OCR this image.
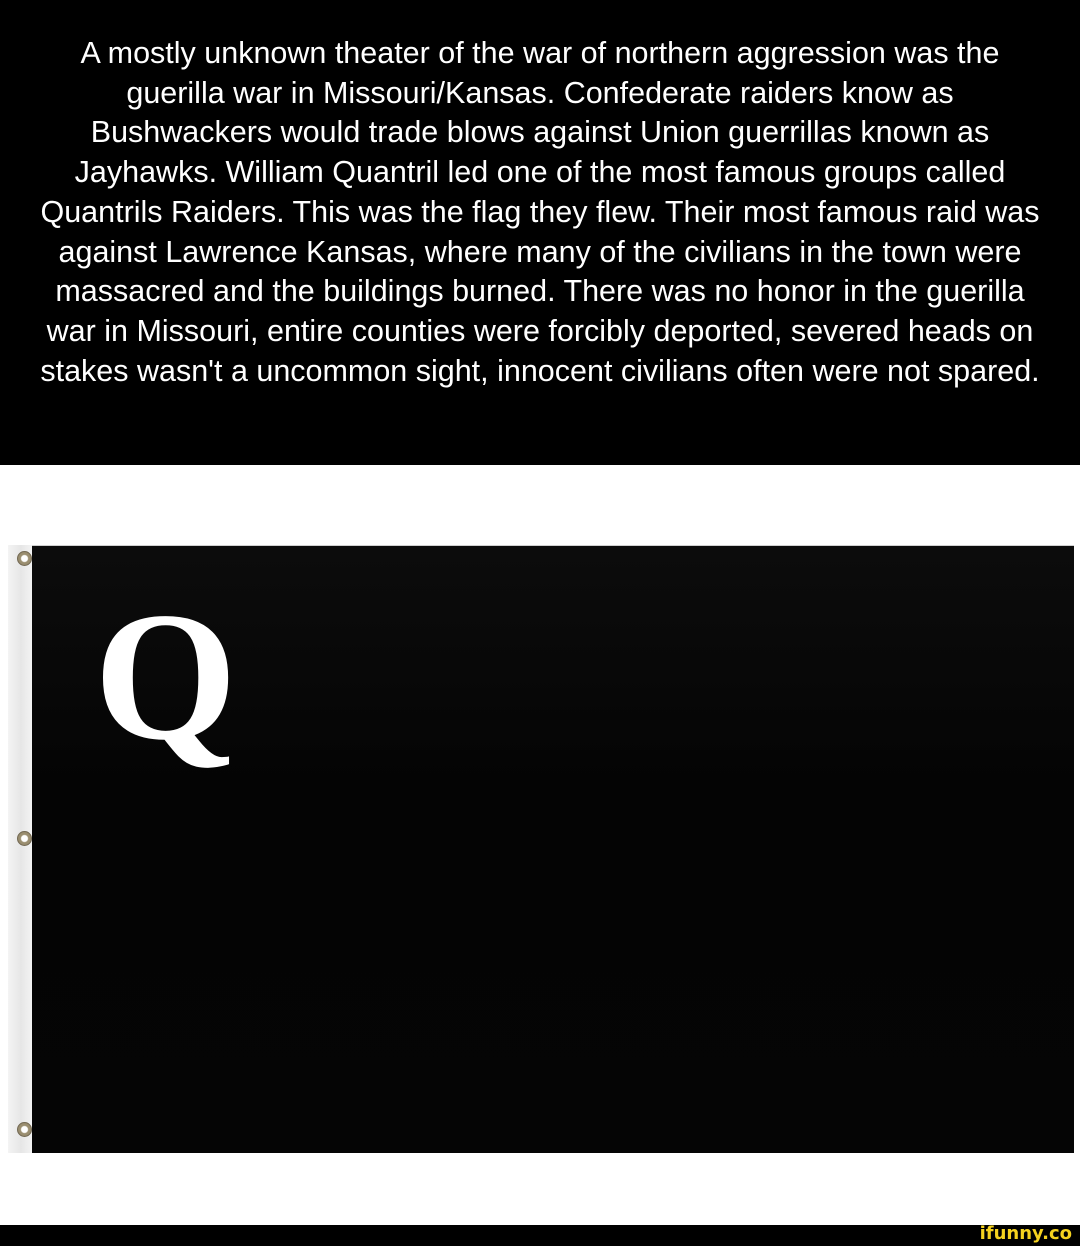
A mostly unknown theater of the war of northern aggression was the guerilla war in Missouri/Kansas. Confederate raiders know as Bushwackers would trade blows against Union guerrillas known as Jayhawks. William Quantril led one of the most famous groups called Quantrils Raiders. This was the flag they flew. Their most famous raid was against Lawrence Kansas, where many of the civilians in the town were massacred and the buildings burned. There was no honor in the guerilla war in Missouri, entire counties were forcibly deported, severed heads on stakes wasn't a uncommon sight, innocent civilians often were not spared.

Q
ifunny.co
